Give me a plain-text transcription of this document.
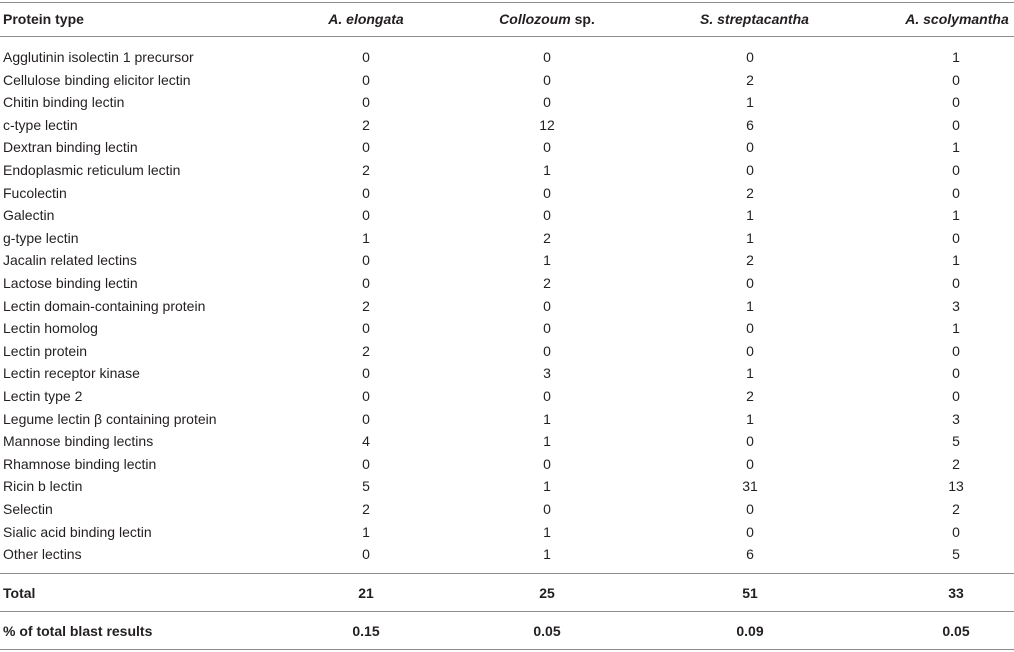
Protein type	A. elongata	Collozoum sp.	S. streptacantha	A. scolymantha
Agglutinin isolectin 1 precursor	0	0	0	1
Cellulose binding elicitor lectin	0	0	2	0
Chitin binding lectin	0	0	1	0
c-type lectin	2	12	6	0
Dextran binding lectin	0	0	0	1
Endoplasmic reticulum lectin	2	1	0	0
Fucolectin	0	0	2	0
Galectin	0	0	1	1
g-type lectin	1	2	1	0
Jacalin related lectins	0	1	2	1
Lactose binding lectin	0	2	0	0
Lectin domain-containing protein	2	0	1	3
Lectin homolog	0	0	0	1
Lectin protein	2	0	0	0
Lectin receptor kinase	0	3	1	0
Lectin type 2	0	0	2	0
Legume lectin β containing protein	0	1	1	3
Mannose binding lectins	4	1	0	5
Rhamnose binding lectin	0	0	0	2
Ricin b lectin	5	1	31	13
Selectin	2	0	0	2
Sialic acid binding lectin	1	1	0	0
Other lectins	0	1	6	5
Total	21	25	51	33
% of total blast results	0.15	0.05	0.09	0.05
